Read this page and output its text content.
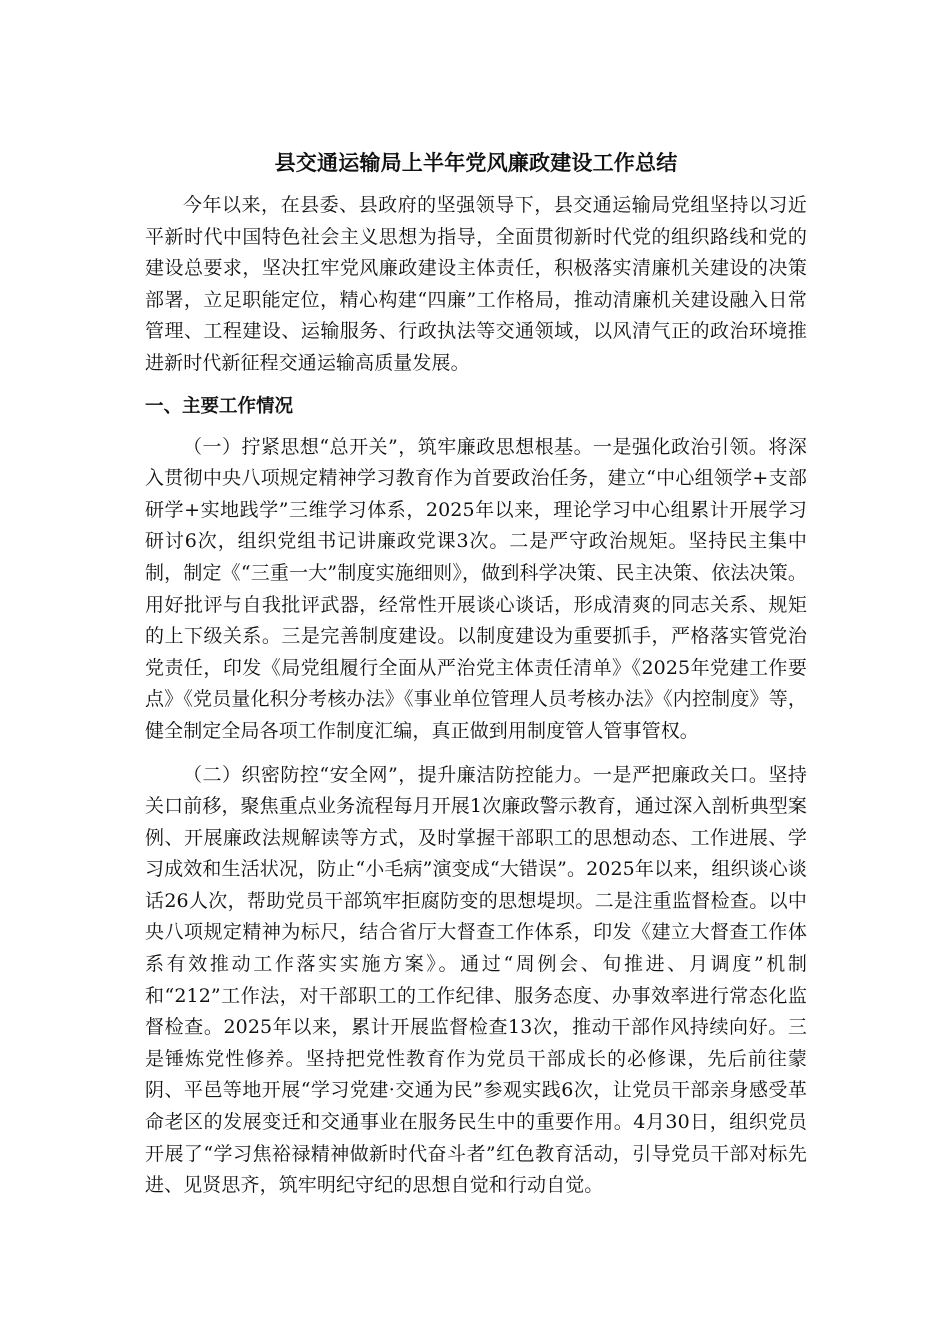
县交通运输局上半年党风廉政建设工作总结

今年以来，在县委、县政府的坚强领导下，县交通运输局党组坚持以习近平新时代中国特色社会主义思想为指导，全面贯彻新时代党的组织路线和党的建设总要求，坚决扛牢党风廉政建设主体责任，积极落实清廉机关建设的决策部署，立足职能定位，精心构建“四廉”工作格局，推动清廉机关建设融入日常管理、工程建设、运输服务、行政执法等交通领域，以风清气正的政治环境推进新时代新征程交通运输高质量发展。

一、主要工作情况

（一）拧紧思想“总开关”，筑牢廉政思想根基。一是强化政治引领。将深入贯彻中央八项规定精神学习教育作为首要政治任务，建立“中心组领学+支部研学+实地践学”三维学习体系，2025年以来，理论学习中心组累计开展学习研讨6次，组织党组书记讲廉政党课3次。二是严守政治规矩。坚持民主集中制，制定《“三重一大”制度实施细则》，做到科学决策、民主决策、依法决策。用好批评与自我批评武器，经常性开展谈心谈话，形成清爽的同志关系、规矩的上下级关系。三是完善制度建设。以制度建设为重要抓手，严格落实管党治党责任，印发《局党组履行全面从严治党主体责任清单》《2025年党建工作要点》《党员量化积分考核办法》《事业单位管理人员考核办法》《内控制度》等，健全制定全局各项工作制度汇编，真正做到用制度管人管事管权。

（二）织密防控“安全网”，提升廉洁防控能力。一是严把廉政关口。坚持关口前移，聚焦重点业务流程每月开展1次廉政警示教育，通过深入剖析典型案例、开展廉政法规解读等方式，及时掌握干部职工的思想动态、工作进展、学习成效和生活状况，防止“小毛病”演变成“大错误”。2025年以来，组织谈心谈话26人次，帮助党员干部筑牢拒腐防变的思想堤坝。二是注重监督检查。以中央八项规定精神为标尺，结合省厅大督查工作体系，印发《建立大督查工作体系有效推动工作落实实施方案》。通过“周例会、旬推进、月调度”机制和“212”工作法，对干部职工的工作纪律、服务态度、办事效率进行常态化监督检查。2025年以来，累计开展监督检查13次，推动干部作风持续向好。三是锤炼党性修养。坚持把党性教育作为党员干部成长的必修课，先后前往蒙阴、平邑等地开展“学习党建·交通为民”参观实践6次，让党员干部亲身感受革命老区的发展变迁和交通事业在服务民生中的重要作用。4月30日，组织党员开展了“学习焦裕禄精神做新时代奋斗者”红色教育活动，引导党员干部对标先进、见贤思齐，筑牢明纪守纪的思想自觉和行动自觉。
